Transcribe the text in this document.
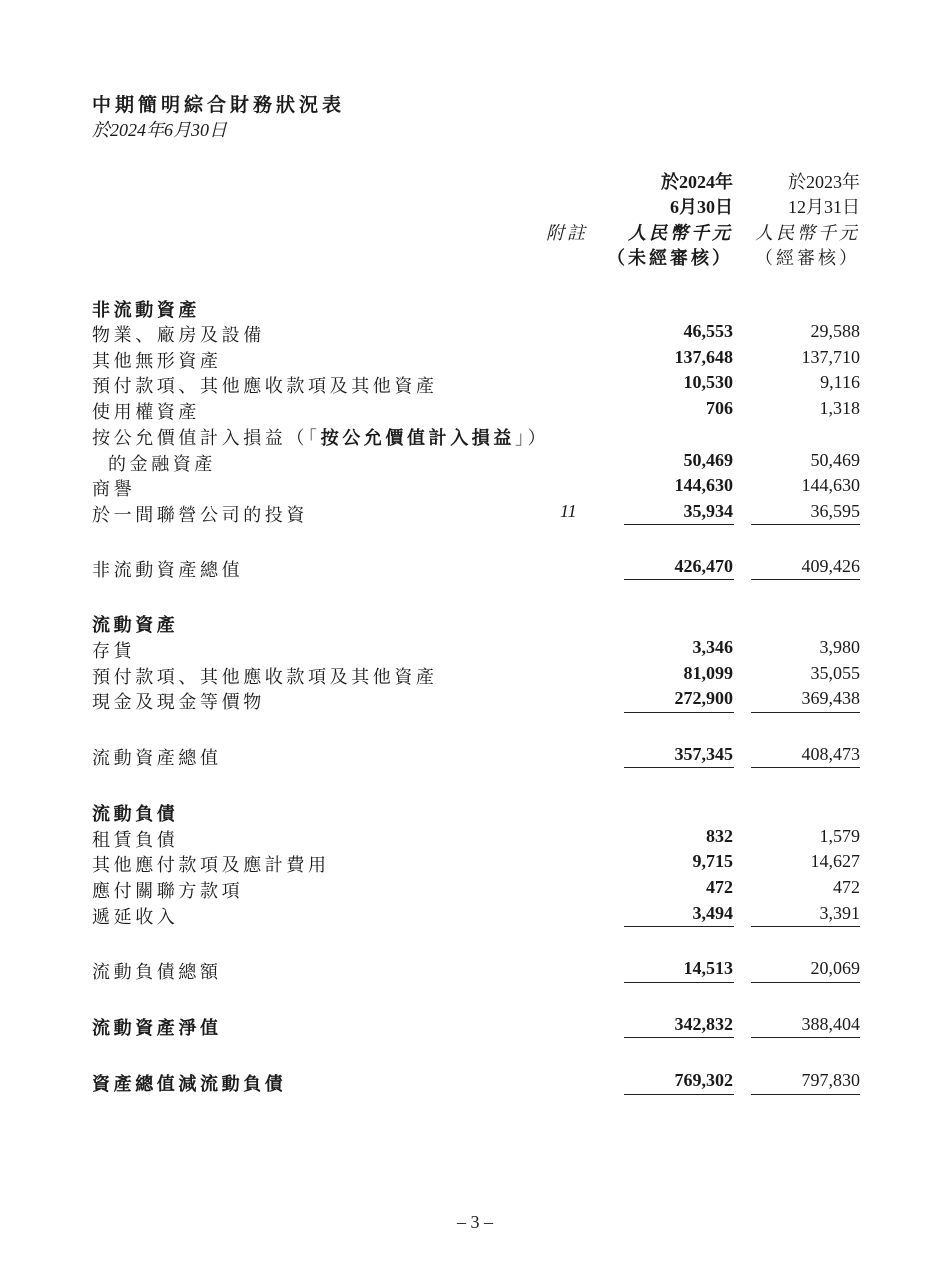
中期簡明綜合財務狀況表
於2024年6月30日
於2024年	於2023年
6月30日	12月31日
附註 人民幣千元 人民幣千元
（未經審核） （經審核）
非流動資產
物業、廠房及設備	46,553	29,588
其他無形資產	137,648	137,710
預付款項、其他應收款項及其他資產	10,530	9,116
使用權資產	706	1,318
按公允價值計入損益（「按公允價值計入損益」）
的金融資產	50,469	50,469
商譽	144,630	144,630
於一間聯營公司的投資	11	35,934	36,595
非流動資產總值	426,470	409,426
流動資產
存貨	3,346	3,980
預付款項、其他應收款項及其他資產	81,099	35,055
現金及現金等價物	272,900	369,438
流動資產總值	357,345	408,473
流動負債
租賃負債	832	1,579
其他應付款項及應計費用	9,715	14,627
應付關聯方款項	472	472
遞延收入	3,494	3,391
流動負債總額	14,513	20,069
流動資產淨值	342,832	388,404
資產總值減流動負債	769,302	797,830
– 3 –
